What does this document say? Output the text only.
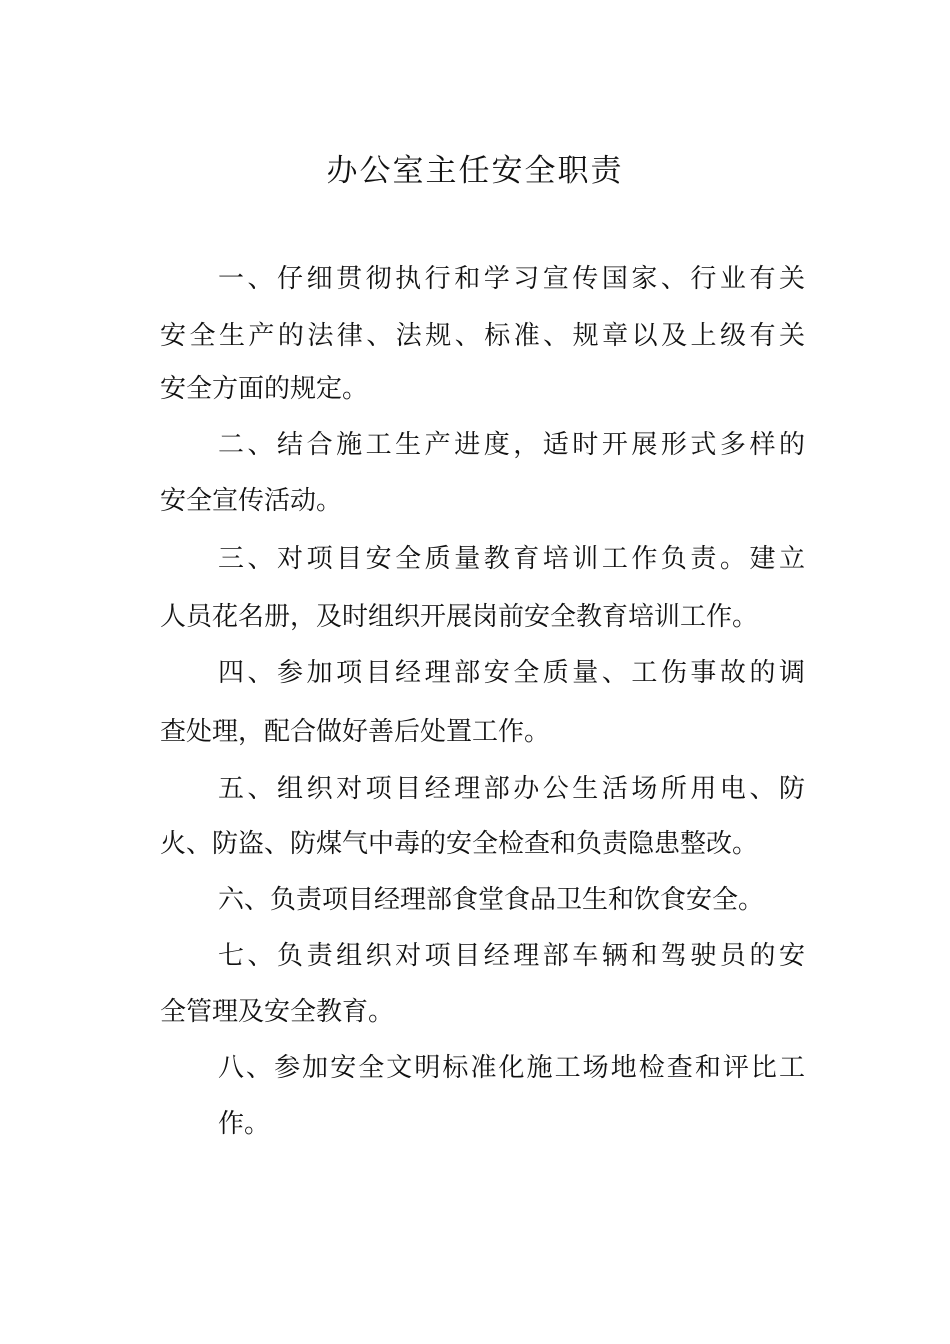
办公室主任安全职责

一、仔细贯彻执行和学习宣传国家、行业有关

安全生产的法律、法规、标准、规章以及上级有关

安全方面的规定。

二、结合施工生产进度，适时开展形式多样的

安全宣传活动。

三、对项目安全质量教育培训工作负责。建立

人员花名册，及时组织开展岗前安全教育培训工作。

四、参加项目经理部安全质量、工伤事故的调

查处理，配合做好善后处置工作。

五、组织对项目经理部办公生活场所用电、防

火、防盗、防煤气中毒的安全检查和负责隐患整改。

六、负责项目经理部食堂食品卫生和饮食安全。

七、负责组织对项目经理部车辆和驾驶员的安

全管理及安全教育。

八、参加安全文明标准化施工场地检查和评比工

作。
